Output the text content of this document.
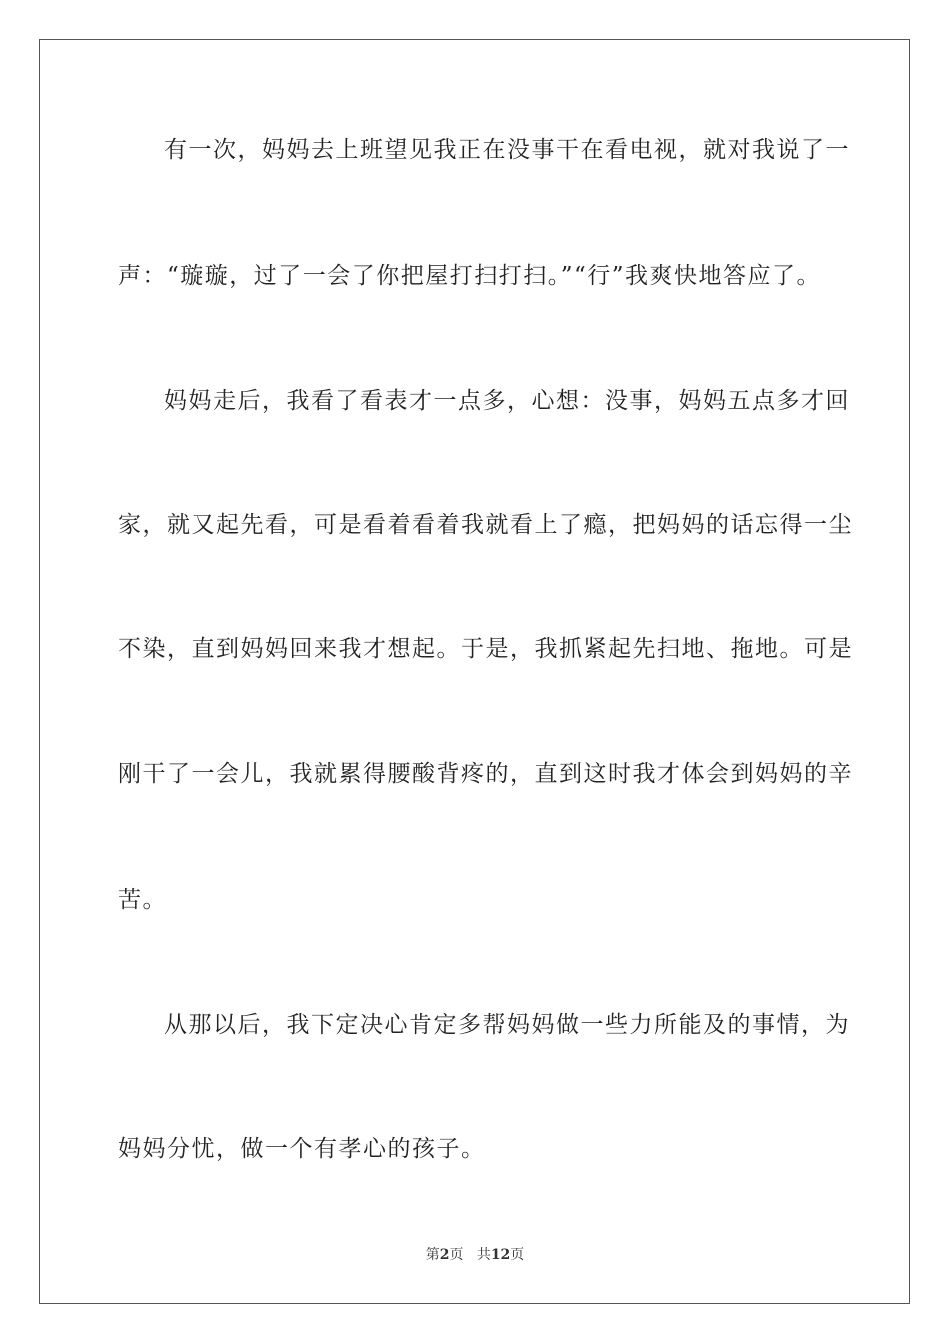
有一次，妈妈去上班望见我正在没事干在看电视，就对我说了一
声：“璇璇，过了一会了你把屋打扫打扫。”“行”我爽快地答应了。
妈妈走后，我看了看表才一点多，心想：没事，妈妈五点多才回
家，就又起先看，可是看着看着我就看上了瘾，把妈妈的话忘得一尘
不染，直到妈妈回来我才想起。于是，我抓紧起先扫地、拖地。可是
刚干了一会儿，我就累得腰酸背疼的，直到这时我才体会到妈妈的辛
苦。
从那以后，我下定决心肯定多帮妈妈做一些力所能及的事情，为
妈妈分忧，做一个有孝心的孩子。
第2页 共12页
